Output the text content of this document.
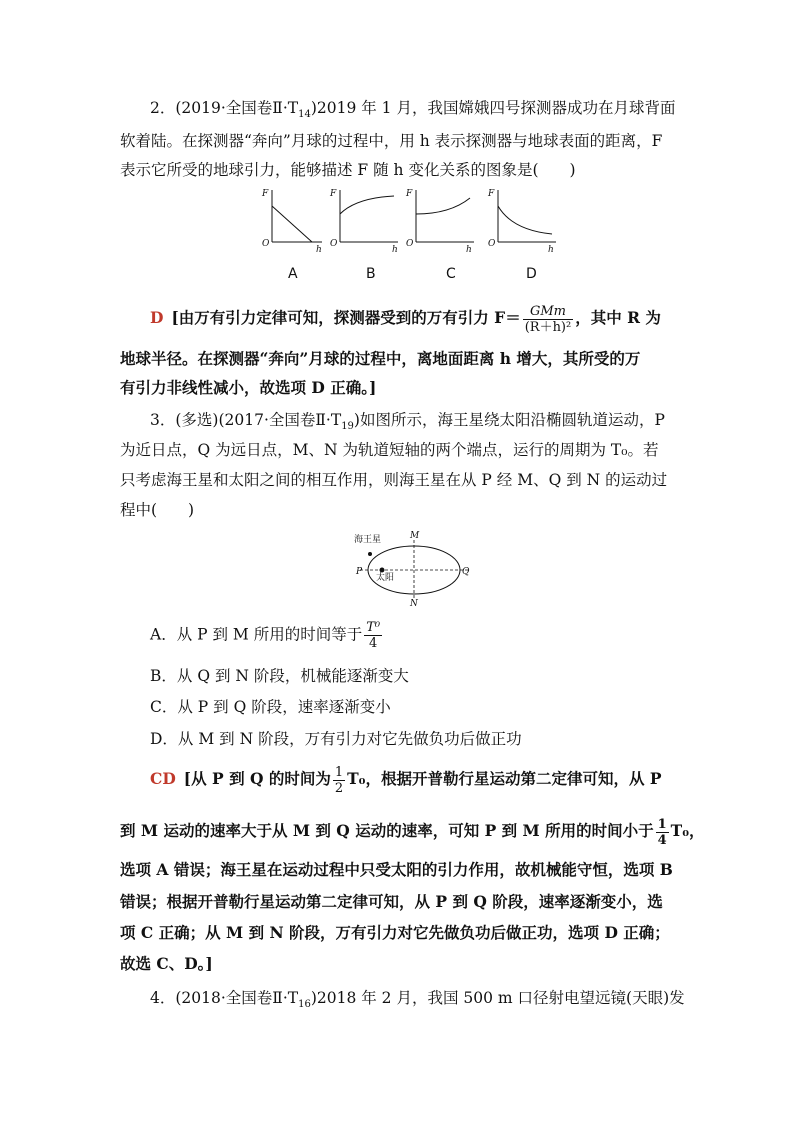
2．(2019·全国卷$Ⅱ\cdot T_{14})2019$ 年 1 月，我国嫦娥四号探测器成功在月球背面
软着陆。在探测器“奔向”月球的过程中，用 h 表示探测器与地球表面的距离，F
表示它所受的地球引力，能够描述 F 随 h 变化关系的图象是(　　)
F
O
h
F
O
h
F
O
h
F
O
h
A	B	C	D
D [由万有引力定律可知，探测器受到的万有引力 $F= \frac{\text{GMm}}{\text{(R＋h)²}}$ ，其中 R 为
地球半径。在探测器“奔向”月球的过程中，离地面距离 h 增大，其所受的万
有引力非线性减小，故选项 D 正确。]
3．(多选)(2017·全国卷$Ⅱ\cdot T_{19}$)如图所示，海王星绕太阳沿椭圆轨道运动，P
为近日点，Q 为远日点，M、N 为轨道短轴的两个端点，运行的周期为 T₀。若
只考虑海王星和太阳之间的相互作用，则海王星在从 P 经 M、Q 到 N 的运动过
程中(　　)
海王星
太阳
P	Q
M
N
A．从 P 到 M 所用的时间等于 $\frac{\text{T⁰}}{4}$
B．从 Q 到 N 阶段，机械能逐渐变大
C．从 P 到 Q 阶段，速率逐渐变小
D．从 M 到 N 阶段，万有引力对它先做负功后做正功
CD [从 P 到 Q 的时间为 $\frac{1}{2} T_0$，根据开普勒行星运动第二定律可知，从 P
到 M 运动的速率大于从 M 到 Q 运动的速率，可知 P 到 M 所用的时间小于 $\frac{1}{4} T_0$，
选项 A 错误；海王星在运动过程中只受太阳的引力作用，故机械能守恒，选项 B
错误；根据开普勒行星运动第二定律可知，从 P 到 Q 阶段，速率逐渐变小，选
项 C 正确；从 M 到 N 阶段，万有引力对它先做负功后做正功，选项 D 正确；
故选 C、D。]
4．(2018·全国卷$Ⅱ\cdot T_{16})2018$ 年 2 月，我国 500 m 口径射电望远镜(天眼)发
